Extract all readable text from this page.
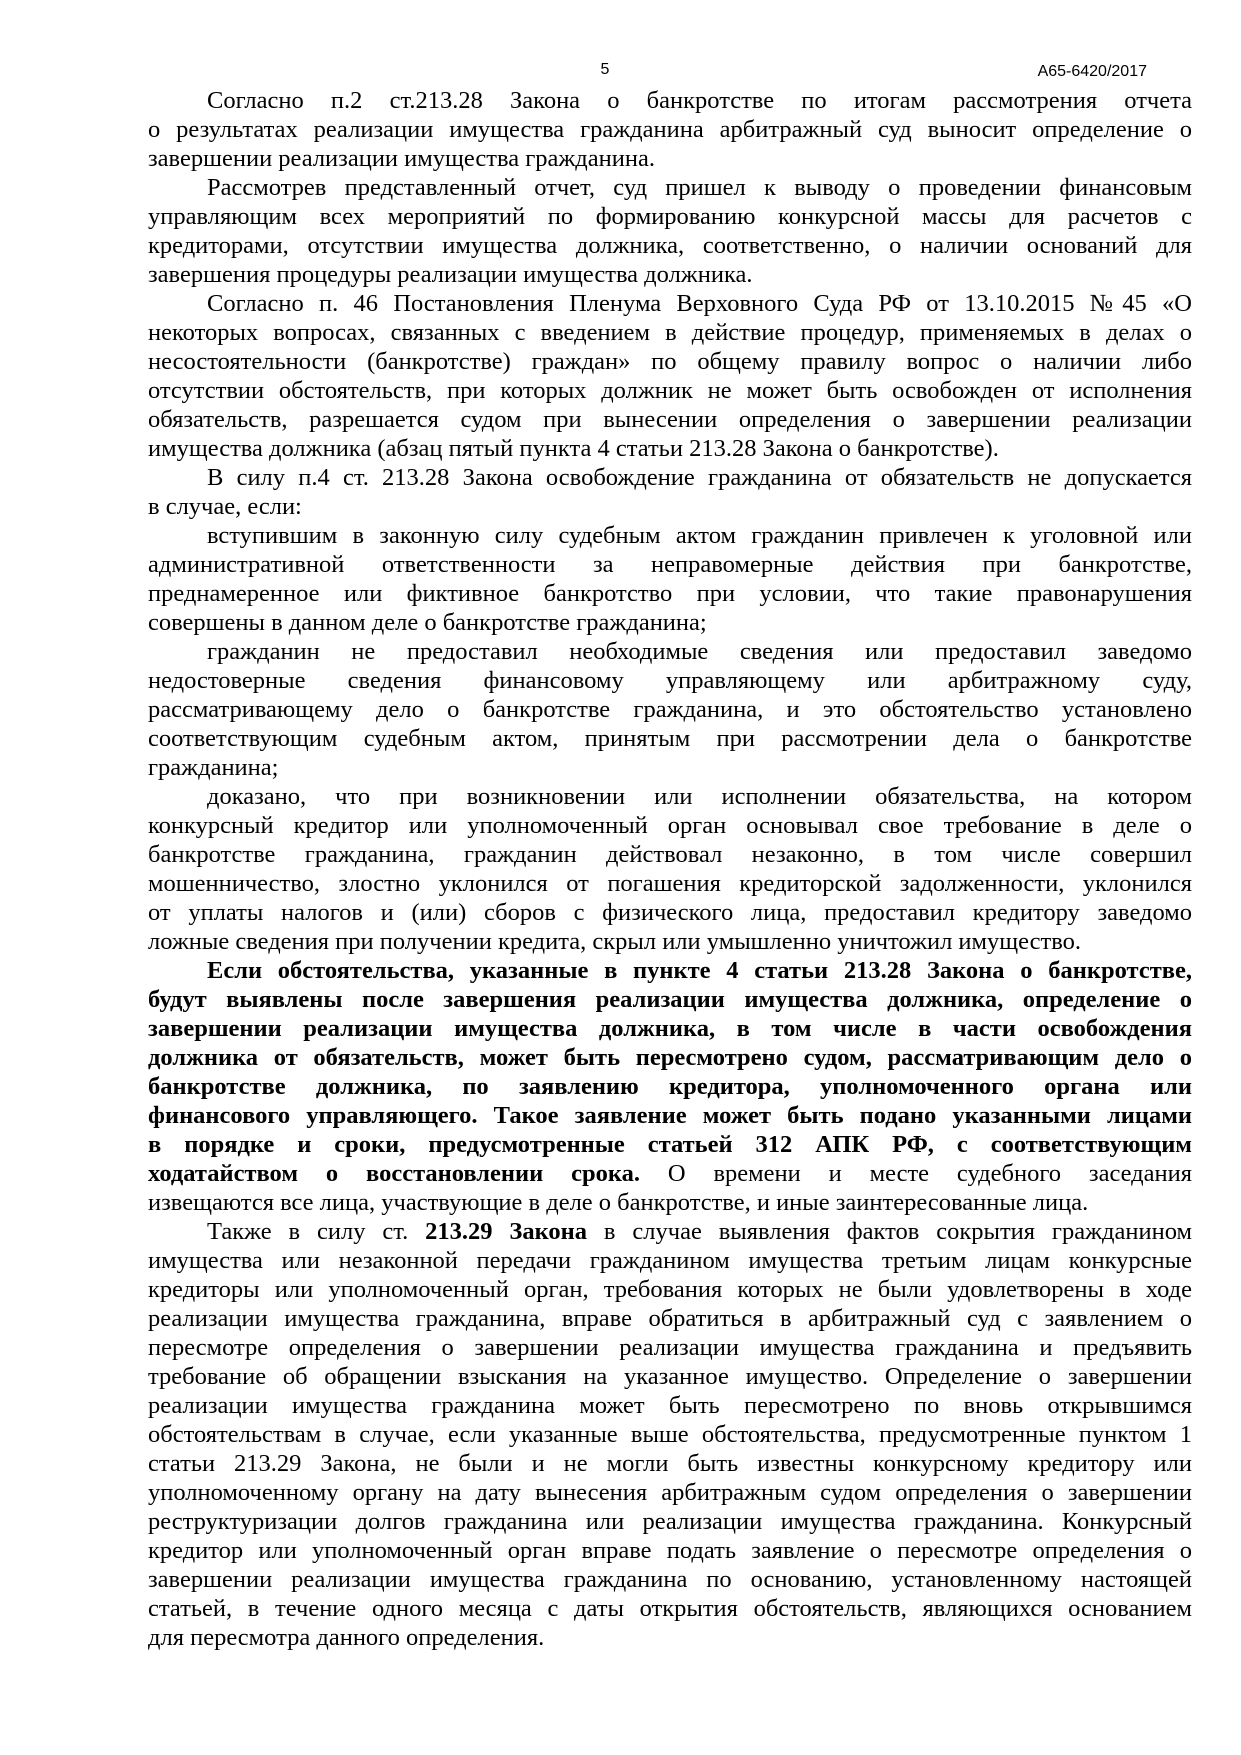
5	А65-6420/2017
Согласно п.2 ст.213.28 Закона о банкротстве по итогам рассмотрения отчета
о результатах реализации имущества гражданина арбитражный суд выносит определение о
завершении реализации имущества гражданина.
Рассмотрев представленный отчет, суд пришел к выводу о проведении финансовым
управляющим всех мероприятий по формированию конкурсной массы для расчетов с
кредиторами, отсутствии имущества должника, соответственно, о наличии оснований для
завершения процедуры реализации имущества должника.
Согласно п. 46 Постановления Пленума Верховного Суда РФ от 13.10.2015 №45 «О
некоторых вопросах, связанных с введением в действие процедур, применяемых в делах о
несостоятельности (банкротстве) граждан» по общему правилу вопрос о наличии либо
отсутствии обстоятельств, при которых должник не может быть освобожден от исполнения
обязательств, разрешается судом при вынесении определения о завершении реализации
имущества должника (абзац пятый пункта 4 статьи 213.28 Закона о банкротстве).
В силу п.4 ст. 213.28 Закона освобождение гражданина от обязательств не допускается
в случае, если:
вступившим в законную силу судебным актом гражданин привлечен к уголовной или
административной ответственности за неправомерные действия при банкротстве,
преднамеренное или фиктивное банкротство при условии, что такие правонарушения
совершены в данном деле о банкротстве гражданина;
гражданин не предоставил необходимые сведения или предоставил заведомо
недостоверные сведения финансовому управляющему или арбитражному суду,
рассматривающему дело о банкротстве гражданина, и это обстоятельство установлено
соответствующим судебным актом, принятым при рассмотрении дела о банкротстве
гражданина;
доказано, что при возникновении или исполнении обязательства, на котором
конкурсный кредитор или уполномоченный орган основывал свое требование в деле о
банкротстве гражданина, гражданин действовал незаконно, в том числе совершил
мошенничество, злостно уклонился от погашения кредиторской задолженности, уклонился
от уплаты налогов и (или) сборов с физического лица, предоставил кредитору заведомо
ложные сведения при получении кредита, скрыл или умышленно уничтожил имущество.
Если обстоятельства, указанные в пункте 4 статьи 213.28 Закона о банкротстве,
будут выявлены после завершения реализации имущества должника, определение о
завершении реализации имущества должника, в том числе в части освобождения
должника от обязательств, может быть пересмотрено судом, рассматривающим дело о
банкротстве должника, по заявлению кредитора, уполномоченного органа или
финансового управляющего. Такое заявление может быть подано указанными лицами
в порядке и сроки, предусмотренные статьей 312 АПК РФ, с соответствующим
ходатайством о восстановлении срока. О времени и месте судебного заседания
извещаются все лица, участвующие в деле о банкротстве, и иные заинтересованные лица.
Также в силу ст. 213.29 Закона в случае выявления фактов сокрытия гражданином
имущества или незаконной передачи гражданином имущества третьим лицам конкурсные
кредиторы или уполномоченный орган, требования которых не были удовлетворены в ходе
реализации имущества гражданина, вправе обратиться в арбитражный суд с заявлением о
пересмотре определения о завершении реализации имущества гражданина и предъявить
требование об обращении взыскания на указанное имущество. Определение о завершении
реализации имущества гражданина может быть пересмотрено по вновь открывшимся
обстоятельствам в случае, если указанные выше обстоятельства, предусмотренные пунктом 1
статьи 213.29 Закона, не были и не могли быть известны конкурсному кредитору или
уполномоченному органу на дату вынесения арбитражным судом определения о завершении
реструктуризации долгов гражданина или реализации имущества гражданина. Конкурсный
кредитор или уполномоченный орган вправе подать заявление о пересмотре определения о
завершении реализации имущества гражданина по основанию, установленному настоящей
статьей, в течение одного месяца с даты открытия обстоятельств, являющихся основанием
для пересмотра данного определения.
